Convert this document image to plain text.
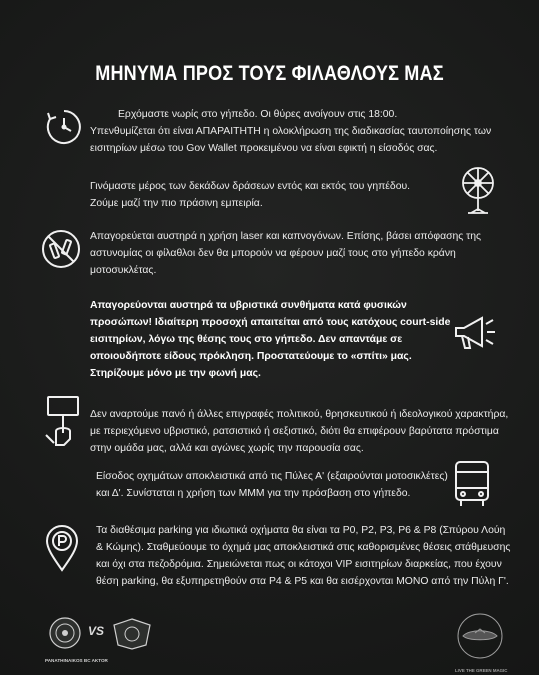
ΜΗΝΥΜΑ ΠΡΟΣ ΤΟΥΣ ΦΙΛΑΘΛΟΥΣ ΜΑΣ
Ερχόμαστε νωρίς στο γήπεδο. Οι θύρες ανοίγουν στις 18:00.
Υπενθυμίζεται ότι είναι ΑΠΑΡΑΙΤΗΤΗ η ολοκλήρωση της διαδικασίας ταυτοποίησης των
εισιτηρίων μέσω του Gov Wallet προκειμένου να είναι εφικτή η είσοδός σας.
Γινόμαστε μέρος των δεκάδων δράσεων εντός και εκτός του γηπέδου.
Ζούμε μαζί την πιο πράσινη εμπειρία.
Απαγορεύεται αυστηρά η χρήση laser και καπνογόνων. Επίσης, βάσει απόφασης της
αστυνομίας οι φίλαθλοι δεν θα μπορούν να φέρουν μαζί τους στο γήπεδο κράνη
μοτοσυκλέτας.
Απαγορεύονται αυστηρά τα υβριστικά συνθήματα κατά φυσικών
προσώπων! Ιδιαίτερη προσοχή απαιτείται από τους κατόχους court-side
εισιτηρίων, λόγω της θέσης τους στο γήπεδο. Δεν απαντάμε σε
οποιουδήποτε είδους πρόκληση. Προστατεύουμε το «σπίτι» μας.
Στηρίζουμε μόνο με την φωνή μας.
Δεν αναρτούμε πανό ή άλλες επιγραφές πολιτικού, θρησκευτικού ή ιδεολογικού χαρακτήρα,
με περιεχόμενο υβριστικό, ρατσιστικό ή σεξιστικό, διότι θα επιφέρουν βαρύτατα πρόστιμα
στην ομάδα μας, αλλά και αγώνες χωρίς την παρουσία σας.
Είσοδος οχημάτων αποκλειστικά από τις Πύλες Α' (εξαιρούνται μοτοσικλέτες)
και Δ'. Συνίσταται η χρήση των ΜΜΜ για την πρόσβαση στο γήπεδο.
Τα διαθέσιμα parking για ιδιωτικά οχήματα θα είναι τα P0, P2, P3, P6 & P8 (Σπύρου Λούη
& Κώμης). Σταθμεύουμε το όχημά μας αποκλειστικά στις καθορισμένες θέσεις στάθμευσης
και όχι στα πεζοδρόμια. Σημειώνεται πως οι κάτοχοι VIP εισιτηρίων διαρκείας, που έχουν
θέση parking, θα εξυπηρετηθούν στα P4 & P5 και θα εισέρχονται ΜΟΝΟ από την Πύλη Γ'.
PANATHINAIKOS BC AKTOR
VS
LIVE THE GREEN MAGIC
